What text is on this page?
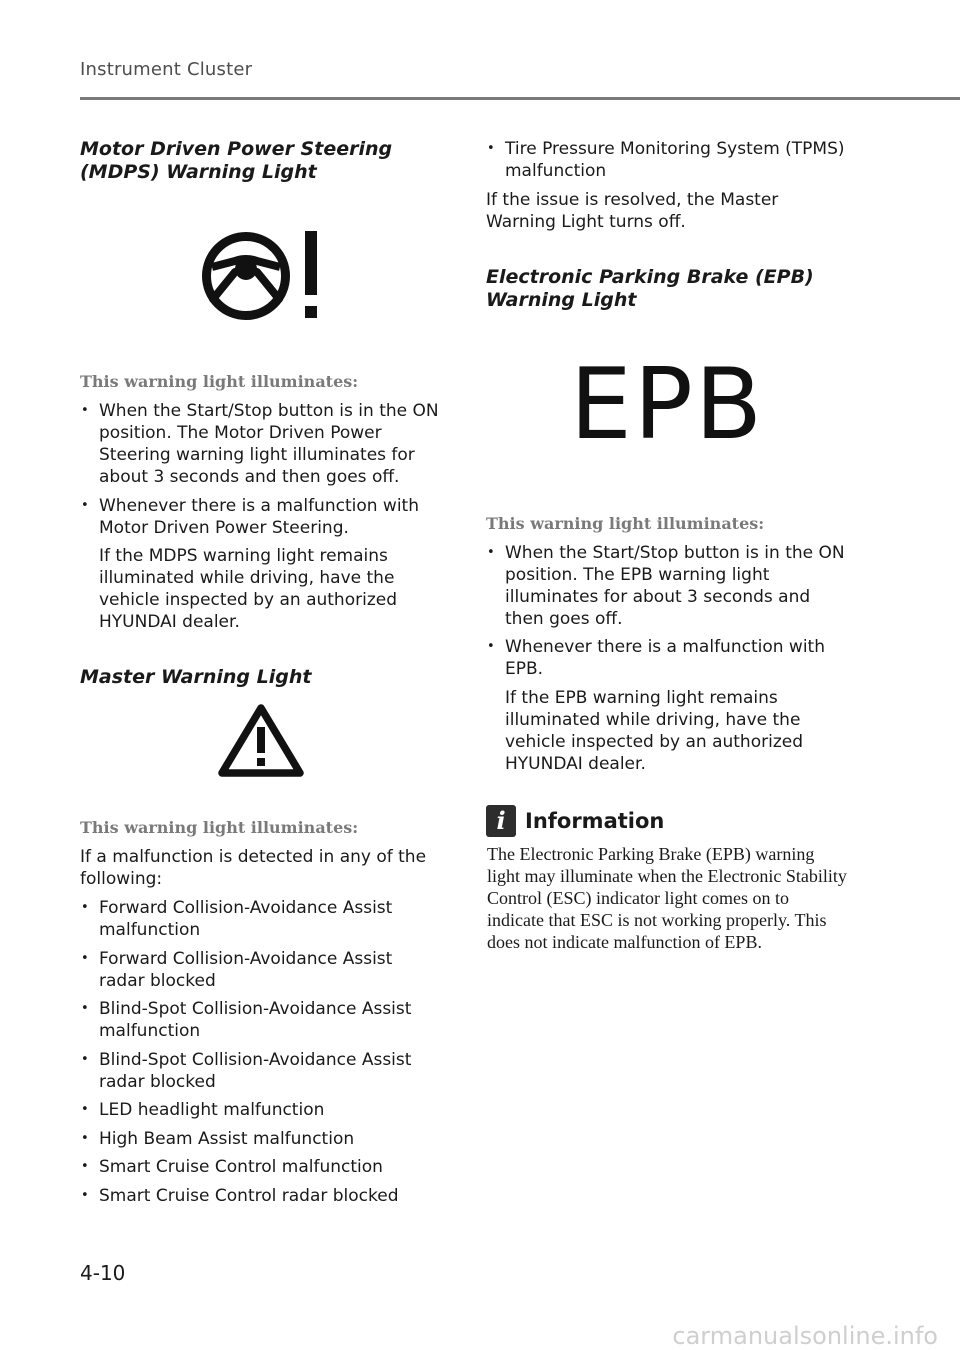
Instrument Cluster
Motor Driven Power Steering
(MDPS) Warning Light

This warning light illuminates:

• When the Start/Stop button is in the ON position. The Motor Driven Power Steering warning light illuminates for about 3 seconds and then goes off.
• Whenever there is a malfunction with Motor Driven Power Steering.

If the MDPS warning light remains illuminated while driving, have the vehicle inspected by an authorized HYUNDAI dealer.

Master Warning Light

This warning light illuminates:

If a malfunction is detected in any of the following:

• Forward Collision-Avoidance Assist malfunction
• Forward Collision-Avoidance Assist radar blocked
• Blind-Spot Collision-Avoidance Assist malfunction
• Blind-Spot Collision-Avoidance Assist radar blocked
• LED headlight malfunction
• High Beam Assist malfunction
• Smart Cruise Control malfunction
• Smart Cruise Control radar blocked
• Tire Pressure Monitoring System (TPMS) malfunction

If the issue is resolved, the Master Warning Light turns off.

Electronic Parking Brake (EPB)
Warning Light
EPB

This warning light illuminates:

• When the Start/Stop button is in the ON position. The EPB warning light illuminates for about 3 seconds and then goes off.
• Whenever there is a malfunction with EPB.

If the EPB warning light remains illuminated while driving, have the vehicle inspected by an authorized HYUNDAI dealer.

i Information

The Electronic Parking Brake (EPB) warning light may illuminate when the Electronic Stability Control (ESC) indicator light comes on to indicate that ESC is not working properly. This does not indicate malfunction of EPB.

4-10
carmanualsonline.info
